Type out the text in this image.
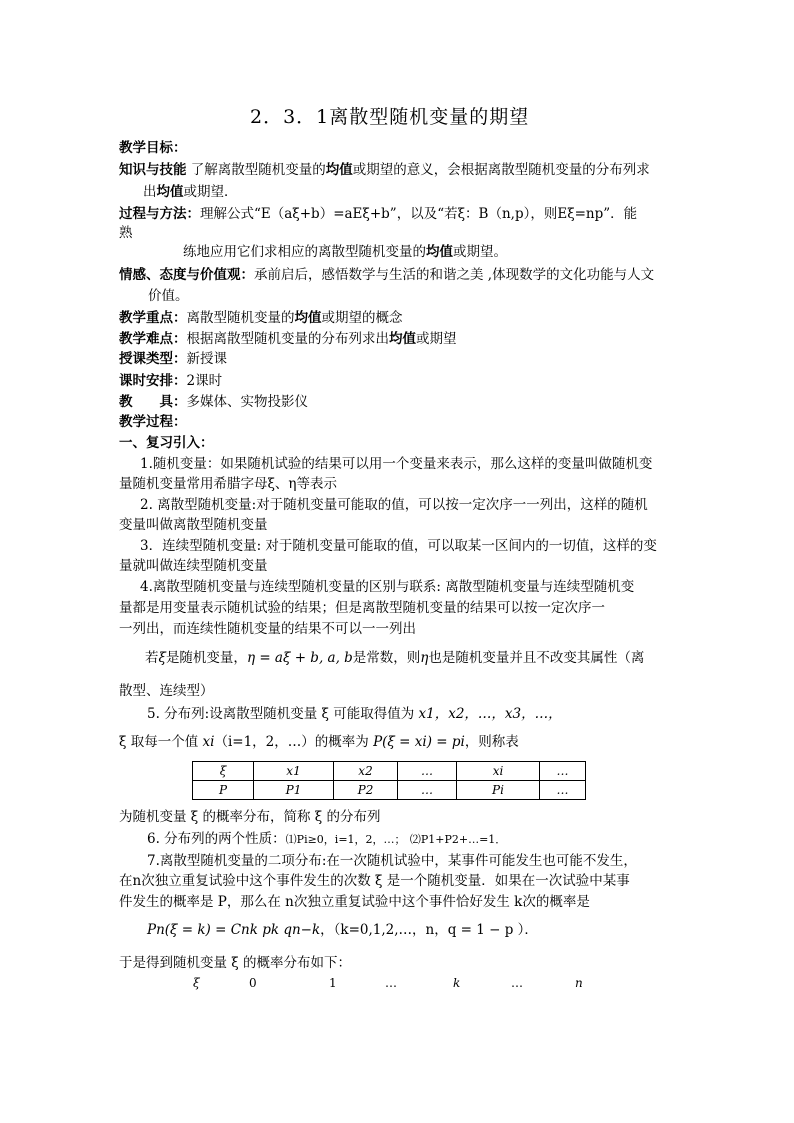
2．3．1离散型随机变量的期望
教学目标：
知识与技能 了解离散型随机变量的均值或期望的意义，会根据离散型随机变量的分布列求
出均值或期望．
过程与方法：理解公式“E（aξ+b）=aEξ+b”，以及“若ξ：B（n,p），则Eξ=np”．能
熟
练地应用它们求相应的离散型随机变量的均值或期望。
情感、态度与价值观：承前启后，感悟数学与生活的和谐之美 ,体现数学的文化功能与人文
价值。
教学重点：离散型随机变量的均值或期望的概念
教学难点：根据离散型随机变量的分布列求出均值或期望
授课类型：新授课
课时安排：2课时
教　　具：多媒体、实物投影仪
教学过程：
一、复习引入：
1.随机变量：如果随机试验的结果可以用一个变量来表示，那么这样的变量叫做随机变
量随机变量常用希腊字母ξ、η等表示
2. 离散型随机变量:对于随机变量可能取的值，可以按一定次序一一列出，这样的随机
变量叫做离散型随机变量
3．连续型随机变量: 对于随机变量可能取的值，可以取某一区间内的一切值，这样的变
量就叫做连续型随机变量
4.离散型随机变量与连续型随机变量的区别与联系: 离散型随机变量与连续型随机变
量都是用变量表示随机试验的结果；但是离散型随机变量的结果可以按一定次序一
一列出，而连续性随机变量的结果不可以一一列出
若ξ是随机变量，η = aξ + b, a, b是常数，则η也是随机变量并且不改变其属性（离
散型、连续型）
5. 分布列:设离散型随机变量 ξ 可能取得值为 x1，x2，…，x3，…，
ξ 取每一个值 xi（i=1，2，…）的概率为 P(ξ = xi) = pi，则称表
ξ	x1	x2	…	xi	…
P	P1	P2	…	Pi	…
为随机变量 ξ 的概率分布，简称 ξ 的分布列
6. 分布列的两个性质：⑴Pi≥0，i=1，2，…； ⑵P1+P2+…=1．
7.离散型随机变量的二项分布:在一次随机试验中，某事件可能发生也可能不发生，
在n次独立重复试验中这个事件发生的次数 ξ 是一个随机变量．如果在一次试验中某事
件发生的概率是 P，那么在 n次独立重复试验中这个事件恰好发生 k次的概率是
Pn(ξ = k) = Cnk pk qn−k，（k=0,1,2,…，n，q = 1 − p ）．
于是得到随机变量 ξ 的概率分布如下：
ξ	0	1	…	k	…	n
